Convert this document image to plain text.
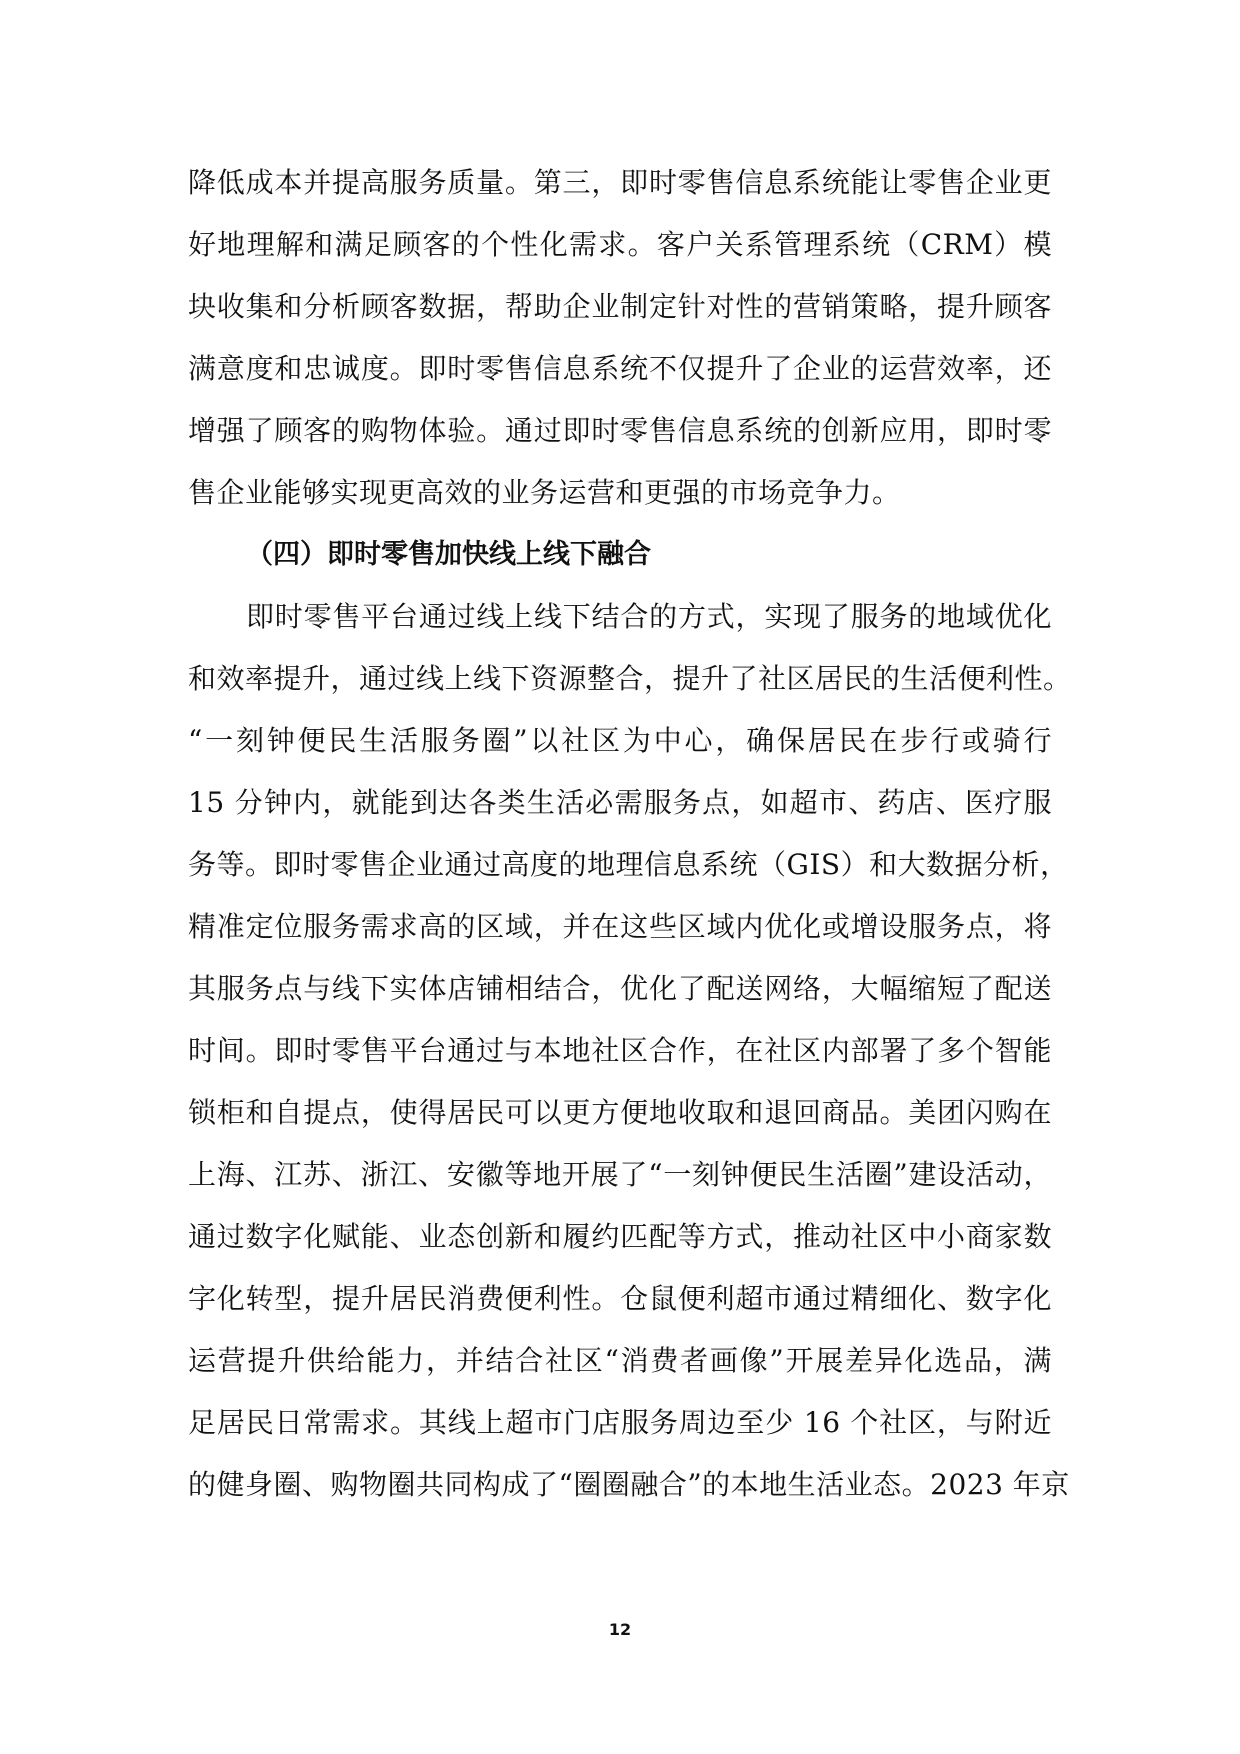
降低成本并提高服务质量。第三，即时零售信息系统能让零售企业更
好地理解和满足顾客的个性化需求。客户关系管理系统（CRM）模
块收集和分析顾客数据，帮助企业制定针对性的营销策略，提升顾客
满意度和忠诚度。即时零售信息系统不仅提升了企业的运营效率，还
增强了顾客的购物体验。通过即时零售信息系统的创新应用，即时零
售企业能够实现更高效的业务运营和更强的市场竞争力。
（四）即时零售加快线上线下融合
即时零售平台通过线上线下结合的方式，实现了服务的地域优化
和效率提升，通过线上线下资源整合，提升了社区居民的生活便利性。
“一刻钟便民生活服务圈”以社区为中心，确保居民在步行或骑行
15 分钟内，就能到达各类生活必需服务点，如超市、药店、医疗服
务等。即时零售企业通过高度的地理信息系统（GIS）和大数据分析，
精准定位服务需求高的区域，并在这些区域内优化或增设服务点，将
其服务点与线下实体店铺相结合，优化了配送网络，大幅缩短了配送
时间。即时零售平台通过与本地社区合作，在社区内部署了多个智能
锁柜和自提点，使得居民可以更方便地收取和退回商品。美团闪购在
上海、江苏、浙江、安徽等地开展了“一刻钟便民生活圈”建设活动，
通过数字化赋能、业态创新和履约匹配等方式，推动社区中小商家数
字化转型，提升居民消费便利性。仓鼠便利超市通过精细化、数字化
运营提升供给能力，并结合社区“消费者画像”开展差异化选品，满
足居民日常需求。其线上超市门店服务周边至少 16 个社区，与附近
的健身圈、购物圈共同构成了“圈圈融合”的本地生活业态。2023 年京
12
